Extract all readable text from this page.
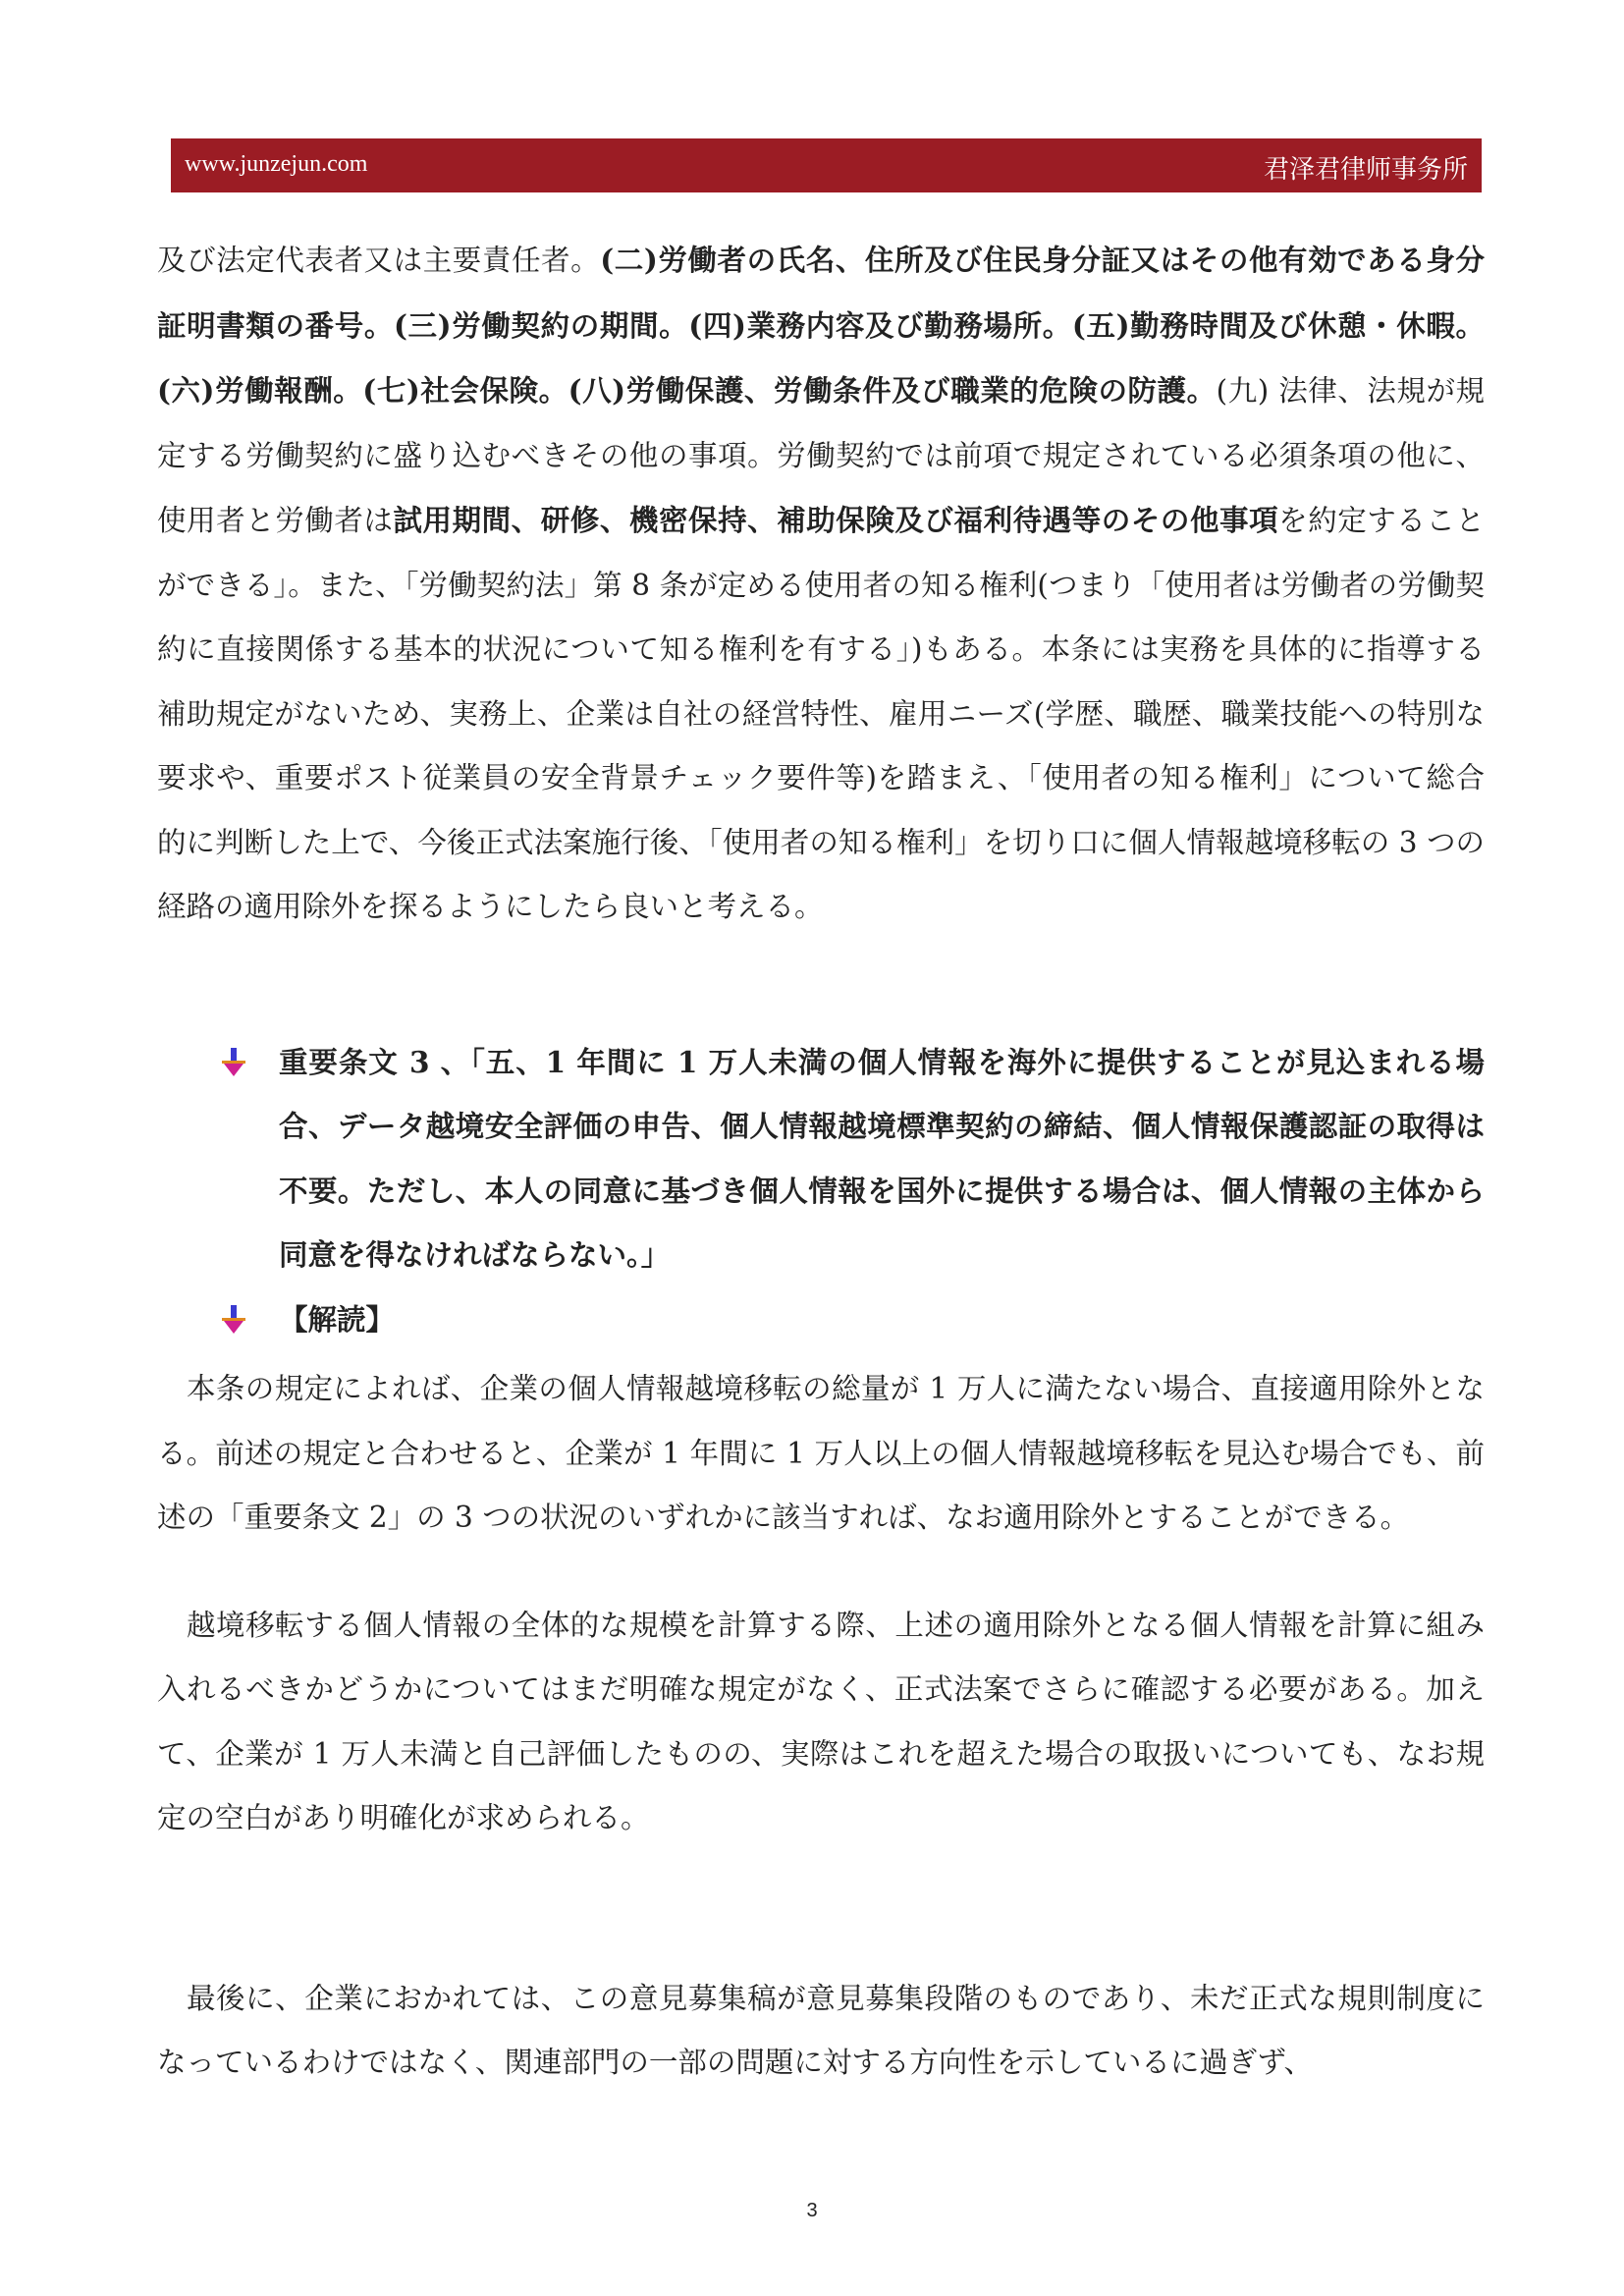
www.junzejun.com	君泽君律师事务所

及び法定代表者又は主要責任者。(二)労働者の氏名、住所及び住民身分証又はその他有効である身分証明書類の番号。(三)労働契約の期間。(四)業務内容及び勤務場所。(五)勤務時間及び休憩・休暇。(六)労働報酬。(七)社会保険。(八)労働保護、労働条件及び職業的危険の防護。(九) 法律、法規が規定する労働契約に盛り込むべきその他の事項。労働契約では前項で規定されている必須条項の他に、使用者と労働者は試用期間、研修、機密保持、補助保険及び福利待遇等のその他事項を約定することができる」。また、「労働契約法」第 8 条が定める使用者の知る権利(つまり「使用者は労働者の労働契約に直接関係する基本的状況について知る権利を有する」)もある。本条には実務を具体的に指導する補助規定がないため、実務上、企業は自社の経営特性、雇用ニーズ(学歴、職歴、職業技能への特別な要求や、重要ポスト従業員の安全背景チェック要件等)を踏まえ、「使用者の知る権利」について総合的に判断した上で、今後正式法案施行後、「使用者の知る権利」を切り口に個人情報越境移転の 3 つの経路の適用除外を探るようにしたら良いと考える。

重要条文 3 、「五、1 年間に 1 万人未満の個人情報を海外に提供することが見込まれる場合、データ越境安全評価の申告、個人情報越境標準契約の締結、個人情報保護認証の取得は不要。ただし、本人の同意に基づき個人情報を国外に提供する場合は、個人情報の主体から同意を得なければならない。」

【解読】

本条の規定によれば、企業の個人情報越境移転の総量が 1 万人に満たない場合、直接適用除外となる。前述の規定と合わせると、企業が 1 年間に 1 万人以上の個人情報越境移転を見込む場合でも、前述の「重要条文 2」の 3 つの状況のいずれかに該当すれば、なお適用除外とすることができる。

越境移転する個人情報の全体的な規模を計算する際、上述の適用除外となる個人情報を計算に組み入れるべきかどうかについてはまだ明確な規定がなく、正式法案でさらに確認する必要がある。加えて、企業が 1 万人未満と自己評価したものの、実際はこれを超えた場合の取扱いについても、なお規定の空白があり明確化が求められる。

最後に、企業におかれては、この意見募集稿が意見募集段階のものであり、未だ正式な規則制度になっているわけではなく、関連部門の一部の問題に対する方向性を示しているに過ぎず、

3
